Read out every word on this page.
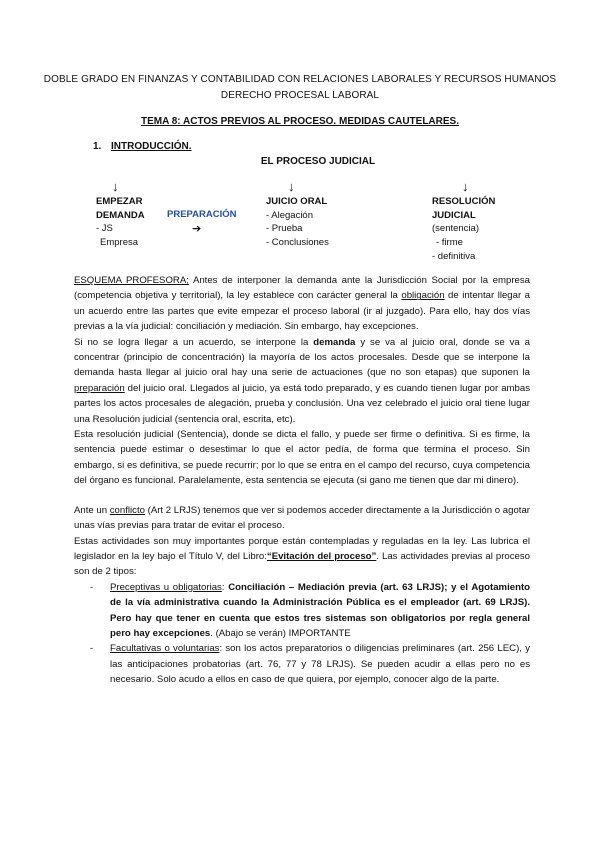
DOBLE GRADO EN FINANZAS Y CONTABILIDAD CON RELACIONES LABORALES Y RECURSOS HUMANOS
DERECHO PROCESAL LABORAL
TEMA 8: ACTOS PREVIOS AL PROCESO. MEDIDAS CAUTELARES.
1. INTRODUCCIÓN.
EL PROCESO JUDICIAL
↓	↓	↓
EMPEZAR
DEMANDA
- JS
Empresa
PREPARACIÓN
➔
JUICIO ORAL
- Alegación
- Prueba
- Conclusiones
RESOLUCIÓN
JUDICIAL
(sentencia)
- firme
- definitiva

ESQUEMA PROFESORA; Antes de interponer la demanda ante la Jurisdicción Social por la empresa (competencia objetiva y territorial), la ley establece con carácter general la obligación de intentar llegar a un acuerdo entre las partes que evite empezar el proceso laboral (ir al juzgado). Para ello, hay dos vías previas a la vía judicial: conciliación y mediación. Sin embargo, hay excepciones.

Si no se logra llegar a un acuerdo, se interpone la demanda y se va al juicio oral, donde se va a concentrar (principio de concentración) la mayoría de los actos procesales. Desde que se interpone la demanda hasta llegar al juicio oral hay una serie de actuaciones (que no son etapas) que suponen la preparación del juicio oral. Llegados al juicio, ya está todo preparado, y es cuando tienen lugar por ambas partes los actos procesales de alegación, prueba y conclusión. Una vez celebrado el juicio oral tiene lugar una Resolución judicial (sentencia oral, escrita, etc).

Esta resolución judicial (Sentencia), donde se dicta el fallo, y puede ser firme o definitiva. Si es firme, la sentencia puede estimar o desestimar lo que el actor pedía, de forma que termina el proceso. Sin embargo, si es definitiva, se puede recurrir; por lo que se entra en el campo del recurso, cuya competencia del órgano es funcional. Paralelamente, esta sentencia se ejecuta (si gano me tienen que dar mi dinero).

Ante un conflicto (Art 2 LRJS) tenemos que ver si podemos acceder directamente a la Jurisdicción o agotar unas vías previas para tratar de evitar el proceso.

Estas actividades son muy importantes porque están contempladas y reguladas en la ley. Las lubrica el legislador en la ley bajo el Título V, del Libro:“Evitación del proceso”. Las actividades previas al proceso son de 2 tipos:

- Preceptivas u obligatorias: Conciliación – Mediación previa (art. 63 LRJS); y el Agotamiento de la vía administrativa cuando la Administración Pública es el empleador (art. 69 LRJS). Pero hay que tener en cuenta que estos tres sistemas son obligatorios por regla general pero hay excepciones. (Abajo se verán) IMPORTANTE
- Facultativas o voluntarias: son los actos preparatorios o diligencias preliminares (art. 256 LEC), y las anticipaciones probatorias (art. 76, 77 y 78 LRJS). Se pueden acudir a ellas pero no es necesario. Solo acudo a ellos en caso de que quiera, por ejemplo, conocer algo de la parte.
